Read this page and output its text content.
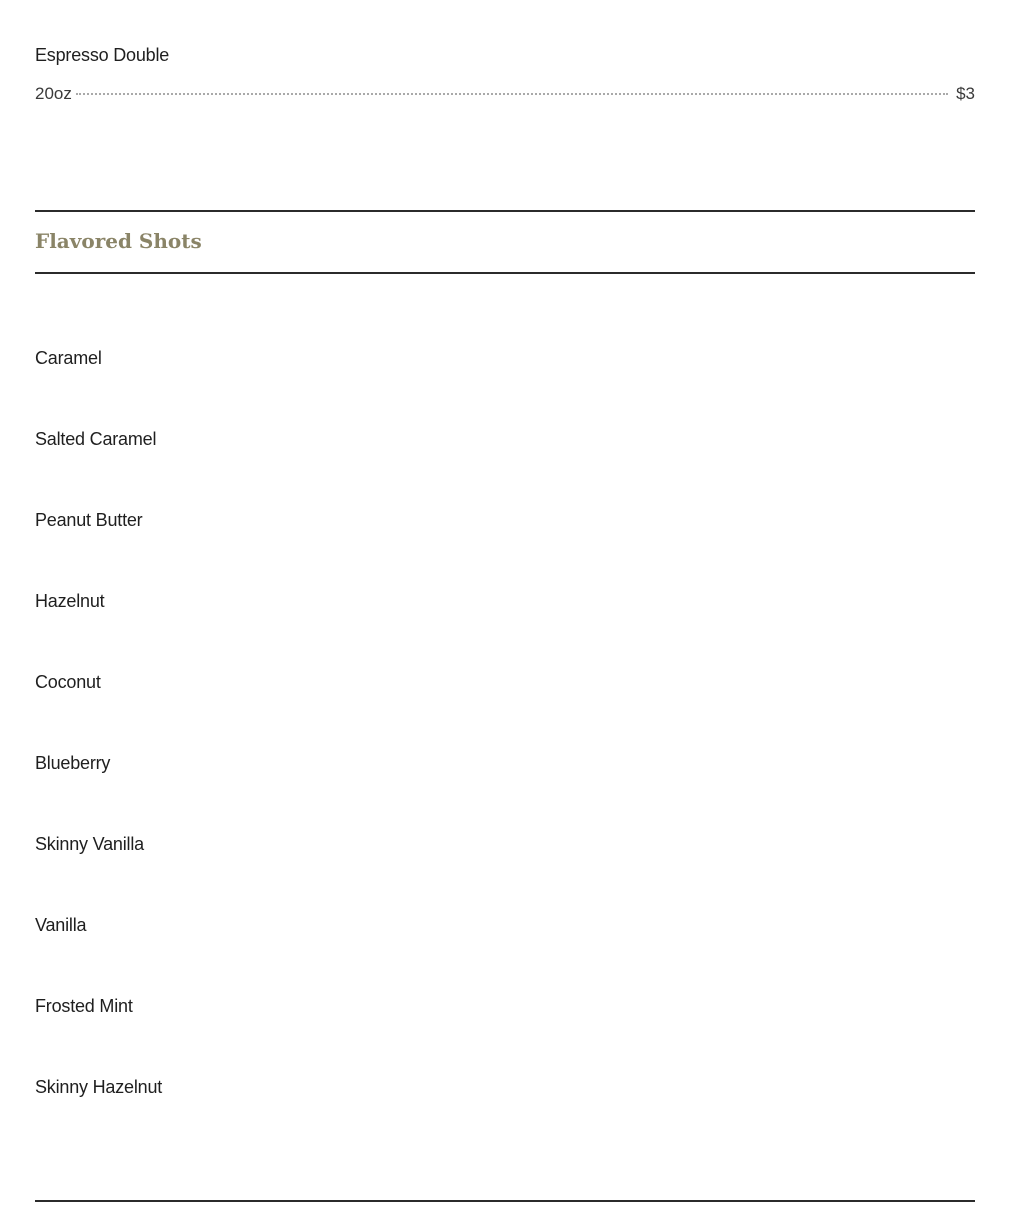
Espresso Double
20oz	$3
Flavored Shots
Caramel
Salted Caramel
Peanut Butter
Hazelnut
Coconut
Blueberry
Skinny Vanilla
Vanilla
Frosted Mint
Skinny Hazelnut
